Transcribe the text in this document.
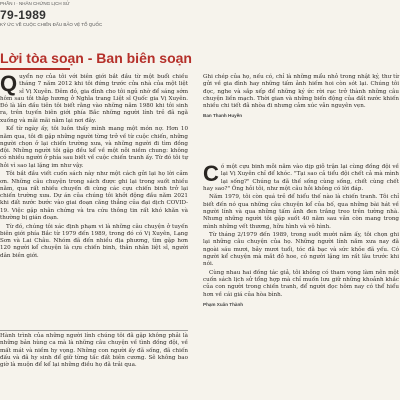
PHẦN I · NHÂN CHỨNG LỊCH SỬ
79-1989
KÝ ỨC VỀ CUỘC CHIẾN ĐẤU BẢO VỆ TỔ QUỐC
Lời tòa soạn - Ban biên soạn

Quyển nợ của tôi với biên giới bắt đầu từ một buổi chiều tháng 7 năm 2012 khi tôi đứng trước cửa nhà của một liệt sĩ Vị Xuyên. Đêm đó, gia đình cho tôi ngủ nhờ để sáng sớm hôm sau tôi thắp hương ở Nghĩa trang Liệt sĩ Quốc gia Vị Xuyên. Đó là lần đầu tiên tôi biết rằng vào những năm 1980 khi tôi sinh ra, trên tuyến biên giới phía Bắc những người lính trẻ đã ngã xuống và mãi mãi nằm lại nơi đây.

Kể từ ngày ấy, tôi luôn thấy mình mang một món nợ. Hơn 10 năm qua, tôi đi gặp những người từng trở về từ cuộc chiến, những người chọn ở lại chiến trường xưa, và những người đi tìm đồng đội. Những người tôi gặp đều kể về một nỗi niềm chung: không có nhiều người ở phía sau biết về cuộc chiến tranh ấy. Từ đó tôi tự hỏi vì sao lại lặng im như vậy.

Tôi bắt đầu viết cuốn sách này như một cách gửi lại họ lời cảm ơn. Những câu chuyện trong sách được ghi lại trong suốt nhiều năm, qua rất nhiều chuyến đi cùng các cựu chiến binh trở lại chiến trường xưa. Dự án của chúng tôi khởi động đầu năm 2021 khi đất nước bước vào giai đoạn căng thẳng của đại dịch COVID-19. Việc gặp nhân chứng và tra cứu thông tin rất khó khăn và thường bị gián đoạn.

Từ đó, chúng tôi xác định phạm vi là những câu chuyện ở tuyến biên giới phía Bắc từ 1979 đến 1989, trong đó có Vị Xuyên, Lạng Sơn và Lai Châu. Nhóm đã đến nhiều địa phương, tìm gặp hơn 120 người kể chuyện là cựu chiến binh, thân nhân liệt sĩ, người dân biên giới.

Hành trình của những người lính chúng tôi đã gặp không phải là những bản hùng ca mà là những câu chuyện về tình đồng đội, về mất mát và niềm hy vọng. Những con người ấy đã sống, đã chiến đấu và đã hy sinh để giữ từng tấc đất biên cương. Sẽ không bao giờ là muộn để kể lại những điều họ đã trải qua.

Ghi chép của họ, nếu có, chỉ là những mẩu nhỏ trong nhật ký, thư từ gửi về gia đình hay những tấm ảnh hiếm hoi còn sót lại. Chúng tôi đọc, nghe và sắp xếp để những ký ức rời rạc trở thành những câu chuyện liền mạch. Thời gian và những biến động của đất nước khiến nhiều chi tiết đã nhòa đi nhưng cảm xúc vẫn nguyên vẹn.

Ban Thanh Huyền

Có một cựu binh mỗi năm vào dịp giỗ trận lại cùng đồng đội về lại Vị Xuyên chỉ để khóc. "Tại sao cả tiểu đội chết cả mà mình lại sống?" Chúng ta đã thế sống cùng sống, chết cùng chết hay sao?" Ông hỏi tôi, như một câu hỏi không có lời đáp.

Năm 1979, tôi còn quá trẻ để hiểu thế nào là chiến tranh. Tôi chỉ biết đến nó qua những câu chuyện kể của bố, qua những bài hát về người lính và qua những tấm ảnh đen trắng treo trên tường nhà. Nhưng những người tôi gặp suốt 40 năm sau vẫn còn mang trong mình những vết thương, hữu hình và vô hình.

Từ tháng 2/1979 đến 1989, trong suốt mười năm ấy, tôi chọn ghi lại những câu chuyện của họ. Những người lính năm xưa nay đã ngoài sáu mươi, bảy mươi tuổi, tóc đã bạc và sức khỏe đã yếu. Có người kể chuyện mà mắt đỏ hoe, có người lặng im rất lâu trước khi nói.

Cùng nhau hai đồng tác giả, tôi không có tham vọng làm nên một cuốn sách lịch sử tổng hợp mà chỉ muốn lưu giữ những khoảnh khắc của con người trong chiến tranh, để người đọc hôm nay có thể hiểu hơn về cái giá của hòa bình.

Phạm Xuân Thành
